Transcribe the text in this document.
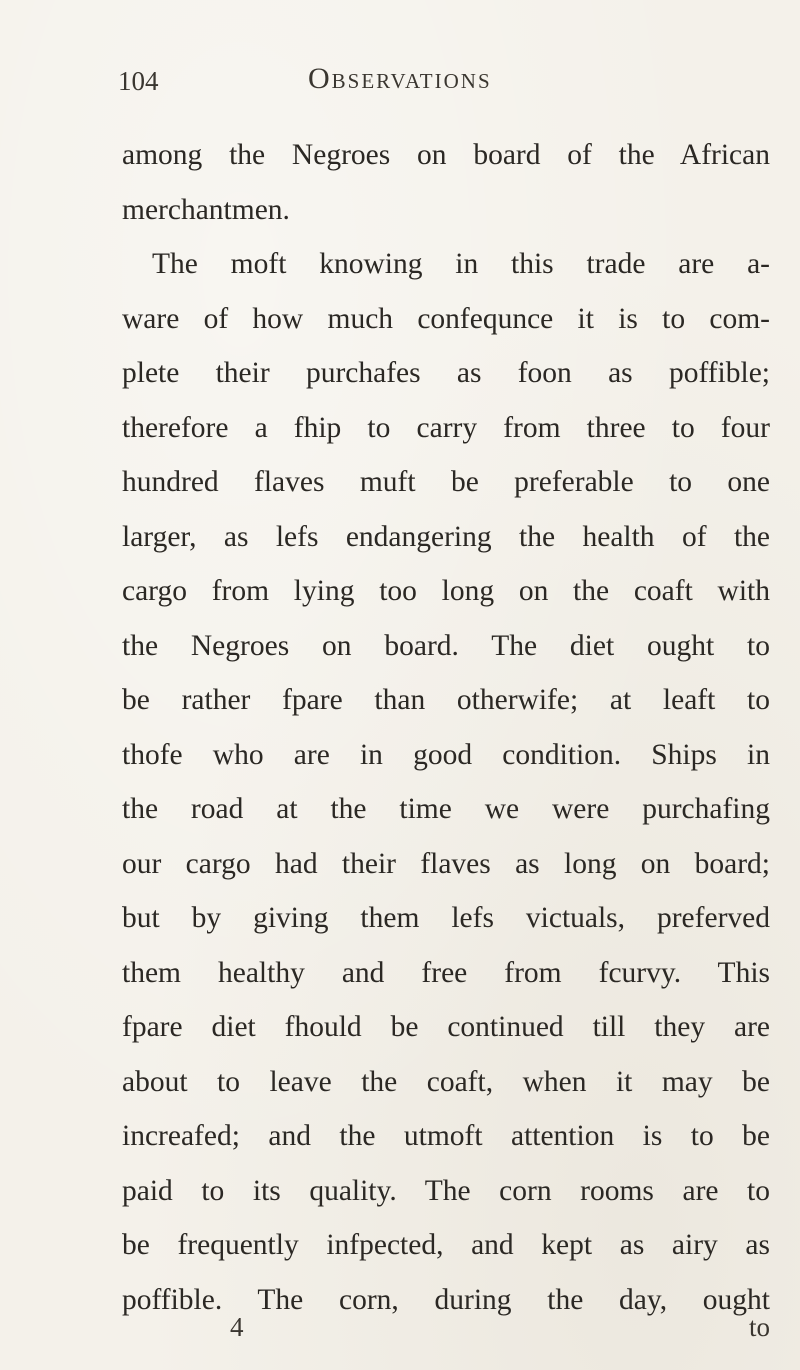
104	Observations
among the Negroes on board of the African
merchantmen.
The moft knowing in this trade are a-
ware of how much confequnce it is to com-
plete their purchafes as foon as poffible;
therefore a fhip to carry from three to four
hundred flaves muft be preferable to one
larger, as lefs endangering the health of the
cargo from lying too long on the coaft with
the Negroes on board. The diet ought to
be rather fpare than otherwife; at leaft to
thofe who are in good condition. Ships in
the road at the time we were purchafing
our cargo had their flaves as long on board;
but by giving them lefs victuals, preferved
them healthy and free from fcurvy. This
fpare diet fhould be continued till they are
about to leave the coaft, when it may be
increafed; and the utmoft attention is to be
paid to its quality. The corn rooms are to
be frequently infpected, and kept as airy as
poffible. The corn, during the day, ought
4	to
